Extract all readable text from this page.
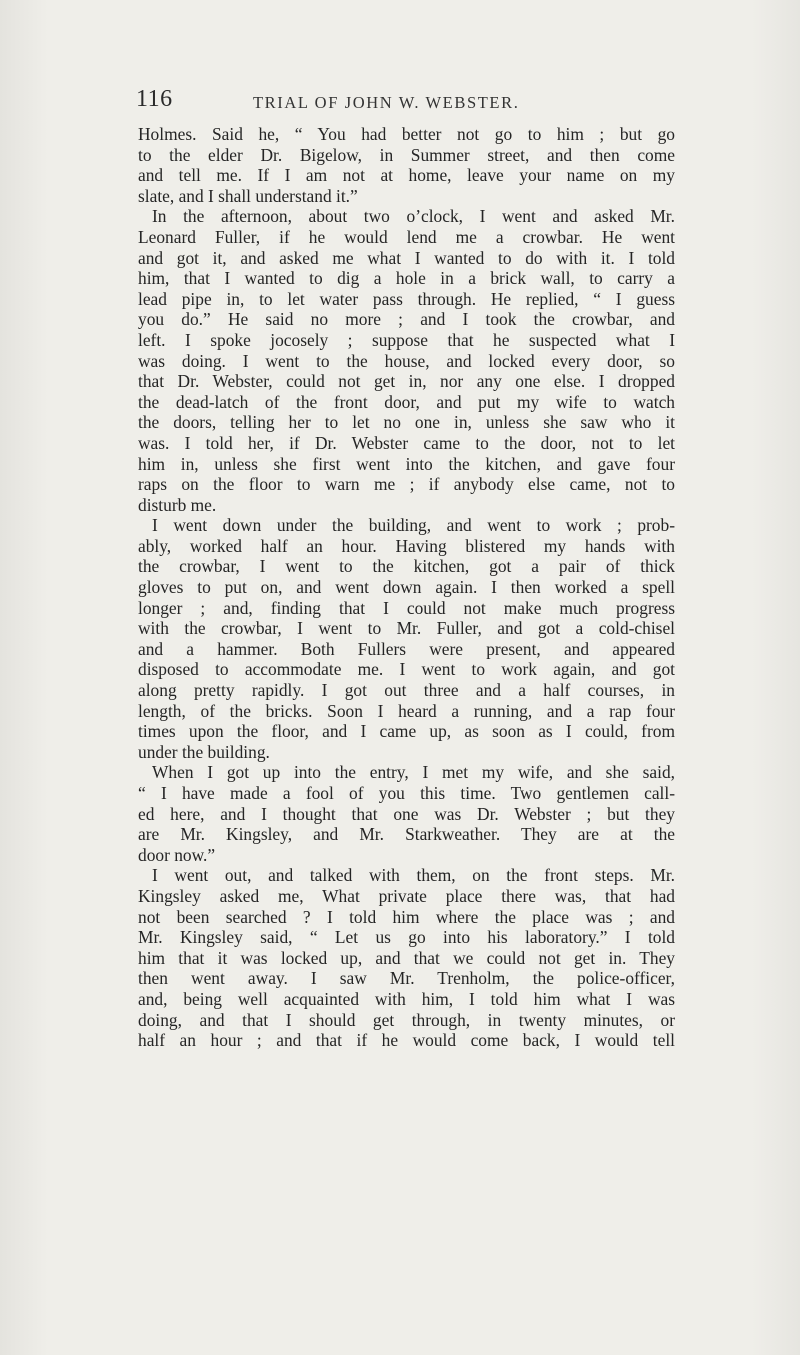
116	TRIAL OF JOHN W. WEBSTER.
Holmes. Said he, “ You had better not go to him ; but go
to the elder Dr. Bigelow, in Summer street, and then come
and tell me. If I am not at home, leave your name on my
slate, and I shall understand it.”
In the afternoon, about two o’clock, I went and asked Mr.
Leonard Fuller, if he would lend me a crowbar. He went
and got it, and asked me what I wanted to do with it. I told
him, that I wanted to dig a hole in a brick wall, to carry a
lead pipe in, to let water pass through. He replied, “ I guess
you do.” He said no more ; and I took the crowbar, and
left. I spoke jocosely ; suppose that he suspected what I
was doing. I went to the house, and locked every door, so
that Dr. Webster, could not get in, nor any one else. I dropped
the dead-latch of the front door, and put my wife to watch
the doors, telling her to let no one in, unless she saw who it
was. I told her, if Dr. Webster came to the door, not to let
him in, unless she first went into the kitchen, and gave four
raps on the floor to warn me ; if anybody else came, not to
disturb me.
I went down under the building, and went to work ; prob-
ably, worked half an hour. Having blistered my hands with
the crowbar, I went to the kitchen, got a pair of thick
gloves to put on, and went down again. I then worked a spell
longer ; and, finding that I could not make much progress
with the crowbar, I went to Mr. Fuller, and got a cold-chisel
and a hammer. Both Fullers were present, and appeared
disposed to accommodate me. I went to work again, and got
along pretty rapidly. I got out three and a half courses, in
length, of the bricks. Soon I heard a running, and a rap four
times upon the floor, and I came up, as soon as I could, from
under the building.
When I got up into the entry, I met my wife, and she said,
“ I have made a fool of you this time. Two gentlemen call-
ed here, and I thought that one was Dr. Webster ; but they
are Mr. Kingsley, and Mr. Starkweather. They are at the
door now.”
I went out, and talked with them, on the front steps. Mr.
Kingsley asked me, What private place there was, that had
not been searched ? I told him where the place was ; and
Mr. Kingsley said, “ Let us go into his laboratory.” I told
him that it was locked up, and that we could not get in. They
then went away. I saw Mr. Trenholm, the police-officer,
and, being well acquainted with him, I told him what I was
doing, and that I should get through, in twenty minutes, or
half an hour ; and that if he would come back, I would tell
